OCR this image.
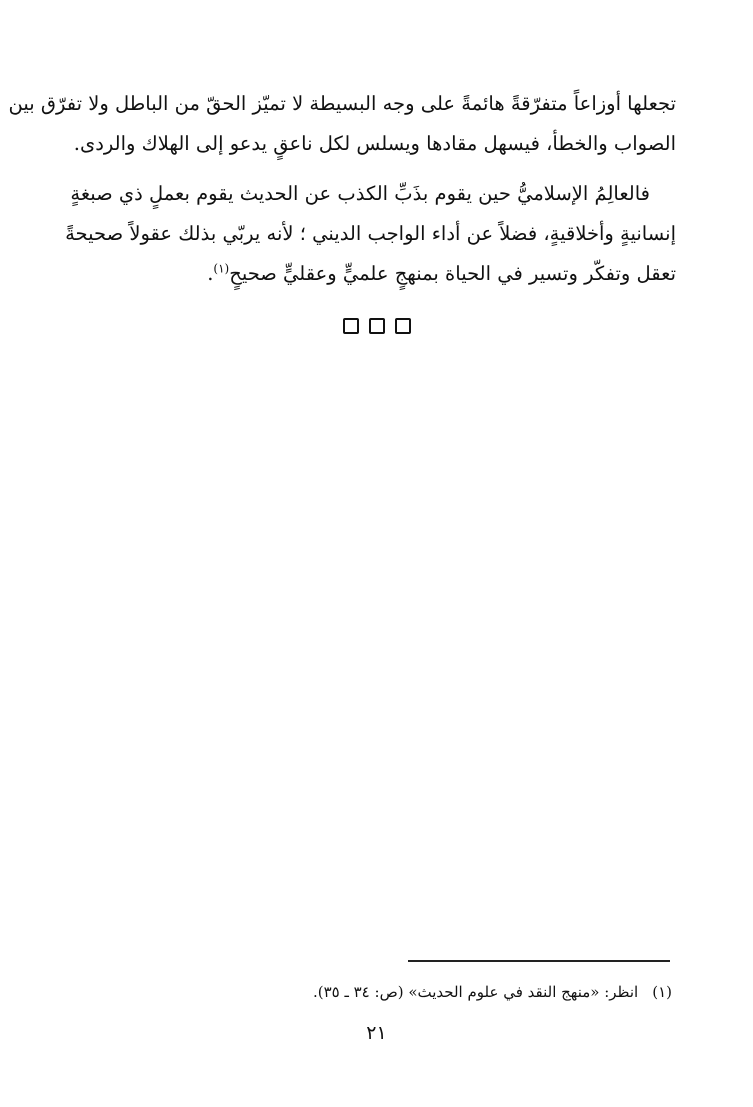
تجعلها أوزاعاً متفرّقةً هائمةً على وجه البسيطة لا تميّز الحقّ من الباطل ولا تفرّق بين
الصواب والخطأ، فيسهل مقادها ويسلس لكل ناعقٍ يدعو إلى الهلاك والردى.
فالعالِمُ الإسلاميُّ حين يقوم بذَبِّ الكذب عن الحديث يقوم بعملٍ ذي صبغةٍ
إنسانيةٍ وأخلاقيةٍ، فضلاً عن أداء الواجب الديني ؛ لأنه يربّي بذلك عقولاً صحيحةً
تعقل وتفكّر وتسير في الحياة بمنهجٍ علميٍّ وعقليٍّ صحيحٍ$^{(١)}$.
(١)انظر: «منهج النقد في علوم الحديث» (ص: ٣٤ ـ ٣٥).
٢١
